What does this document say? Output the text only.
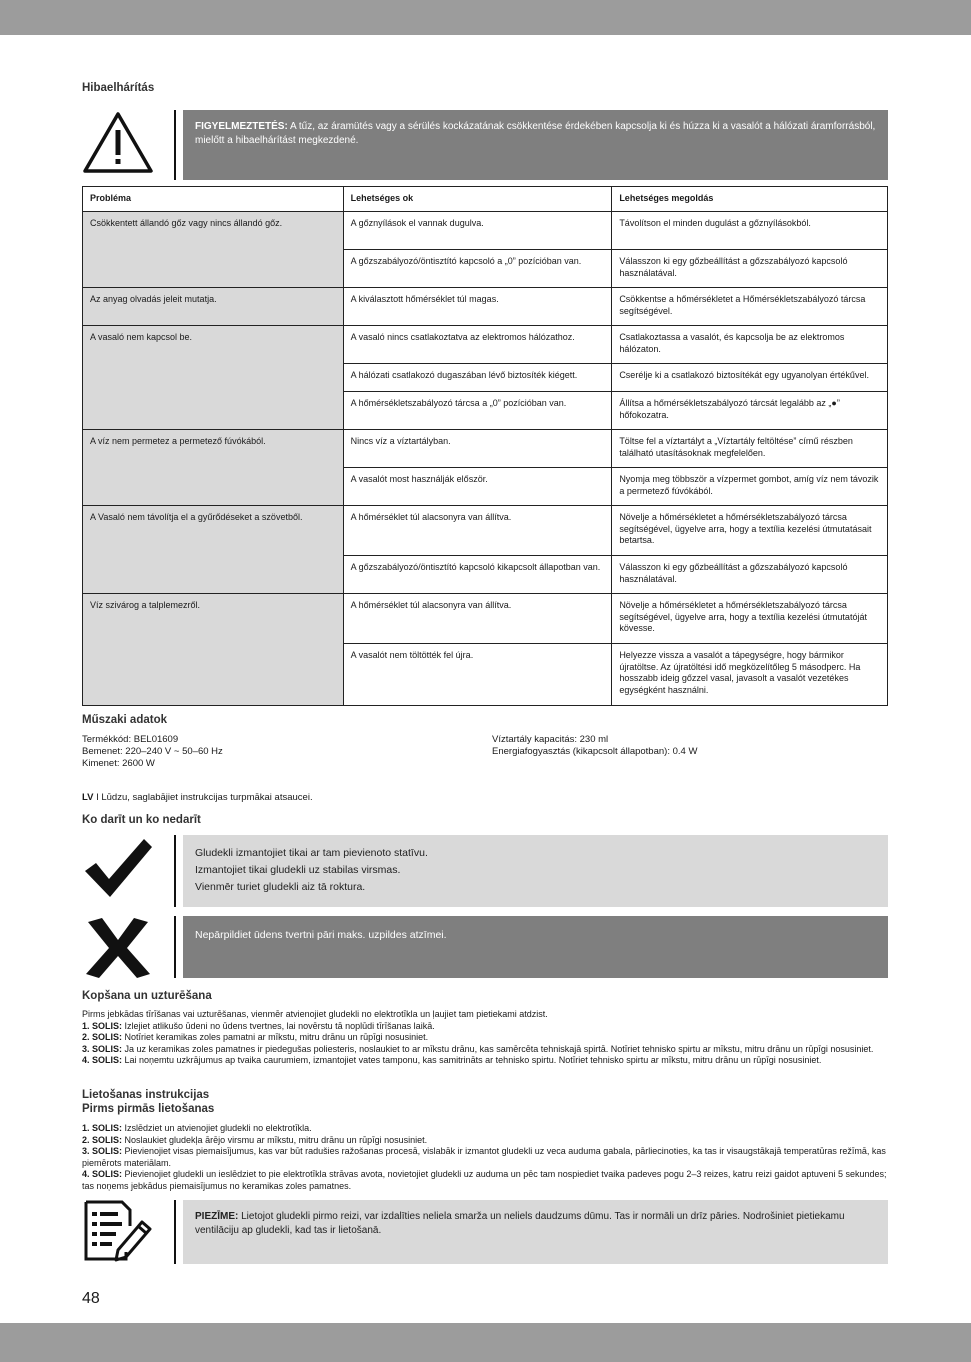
Hibaelhárítás
FIGYELMEZTETÉS: A tűz, az áramütés vagy a sérülés kockázatának csökkentése érdekében kapcsolja ki és húzza ki a vasalót a hálózati áramforrásból, mielőtt a hibaelhárítást megkezdené.
Probléma	Lehetséges ok	Lehetséges megoldás
Csökkentett állandó gőz vagy nincs állandó gőz.	A gőznyílások el vannak dugulva.	Távolítson el minden dugulást a gőznyílásokból.
	A gőzszabályozó/öntisztító kapcsoló a „0” pozícióban van.	Válasszon ki egy gőzbeállítást a gőzszabályozó kapcsoló használatával.
Az anyag olvadás jeleit mutatja.	A kiválasztott hőmérséklet túl magas.	Csökkentse a hőmérsékletet a Hőmérsékletszabályozó tárcsa segítségével.
A vasaló nem kapcsol be.	A vasaló nincs csatlakoztatva az elektromos hálózathoz.	Csatlakoztassa a vasalót, és kapcsolja be az elektromos hálózaton.
	A hálózati csatlakozó dugaszában lévő biztosíték kiégett.	Cserélje ki a csatlakozó biztosítékát egy ugyanolyan értékűvel.
	A hőmérsékletszabályozó tárcsa a „0” pozícióban van.	Állítsa a hőmérsékletszabályozó tárcsát legalább az „●” hőfokozatra.
A víz nem permetez a permetező fúvókából.	Nincs víz a víztartályban.	Töltse fel a víztartályt a „Víztartály feltöltése” című részben található utasításoknak megfelelően.
	A vasalót most használják először.	Nyomja meg többször a vízpermet gombot, amíg víz nem távozik a permetező fúvókából.
A Vasaló nem távolítja el a gyűrődéseket a szövetből.	A hőmérséklet túl alacsonyra van állítva.	Növelje a hőmérsékletet a hőmérsékletszabályozó tárcsa segítségével, ügyelve arra, hogy a textília kezelési útmutatásait betartsa.
	A gőzszabályozó/öntisztító kapcsoló kikapcsolt állapotban van.	Válasszon ki egy gőzbeállítást a gőzszabályozó kapcsoló használatával.
Víz szivárog a talplemezről.	A hőmérséklet túl alacsonyra van állítva.	Növelje a hőmérsékletet a hőmérsékletszabályozó tárcsa segítségével, ügyelve arra, hogy a textília kezelési útmutatóját kövesse.
	A vasalót nem töltötték fel újra.	Helyezze vissza a vasalót a tápegységre, hogy bármikor újratöltse. Az újratöltési idő megközelítőleg 5 másodperc. Ha hosszabb ideig gőzzel vasal, javasolt a vasalót vezetékes egységként használni.
Műszaki adatok
Termékkód: BEL01609
Bemenet: 220–240 V ~ 50–60 Hz
Kimenet: 2600 W
Víztartály kapacitás: 230 ml
Energiafogyasztás (kikapcsolt állapotban): 0.4 W
LV I Lūdzu, saglabājiet instrukcijas turpmākai atsaucei.
Ko darīt un ko nedarīt
Gludekli izmantojiet tikai ar tam pievienoto statīvu.
Izmantojiet tikai gludekli uz stabilas virsmas.
Vienmēr turiet gludekli aiz tā roktura.
Nepārpildiet ūdens tvertni pāri maks. uzpildes atzīmei.
Kopšana un uzturēšana

Pirms jebkādas tīrīšanas vai uzturēšanas, vienmēr atvienojiet gludekli no elektrotīkla un ļaujiet tam pietiekami atdzist.

1. SOLIS: Izlejiet atlikušo ūdeni no ūdens tvertnes, lai novērstu tā noplūdi tīrīšanas laikā.

2. SOLIS: Notīriet keramikas zoles pamatni ar mīkstu, mitru drānu un rūpīgi nosusiniet.

3. SOLIS: Ja uz keramikas zoles pamatnes ir piedegušas poliesteris, noslaukiet to ar mīkstu drānu, kas samērcēta tehniskajā spirtā. Notīriet tehnisko spirtu ar mīkstu, mitru drānu un rūpīgi nosusiniet.

4. SOLIS: Lai noņemtu uzkrājumus ap tvaika caurumiem, izmantojiet vates tamponu, kas samitrināts ar tehnisko spirtu. Notīriet tehnisko spirtu ar mīkstu, mitru drānu un rūpīgi nosusiniet.

Lietošanas instrukcijas
Pirms pirmās lietošanas

1. SOLIS: Izslēdziet un atvienojiet gludekli no elektrotīkla.

2. SOLIS: Noslaukiet gludekļa ārējo virsmu ar mīkstu, mitru drānu un rūpīgi nosusiniet.

3. SOLIS: Pievienojiet visas piemaisījumus, kas var būt radušies ražošanas procesā, vislabāk ir izmantot gludekli uz veca auduma gabala, pārliecinoties, ka tas ir visaugstākajā temperatūras režīmā, kas piemērots materiālam.

4. SOLIS: Pievienojiet gludekli un ieslēdziet to pie elektrotīkla strāvas avota, novietojiet gludekli uz auduma un pēc tam nospiediet tvaika padeves pogu 2–3 reizes, katru reizi gaidot aptuveni 5 sekundes; tas noņems jebkādus piemaisījumus no keramikas zoles pamatnes.

PIEZĪME: Lietojot gludekli pirmo reizi, var izdalīties neliela smarža un neliels daudzums dūmu. Tas ir normāli un drīz pāries. Nodrošiniet pietiekamu ventilāciju ap gludekli, kad tas ir lietošanā.
48
